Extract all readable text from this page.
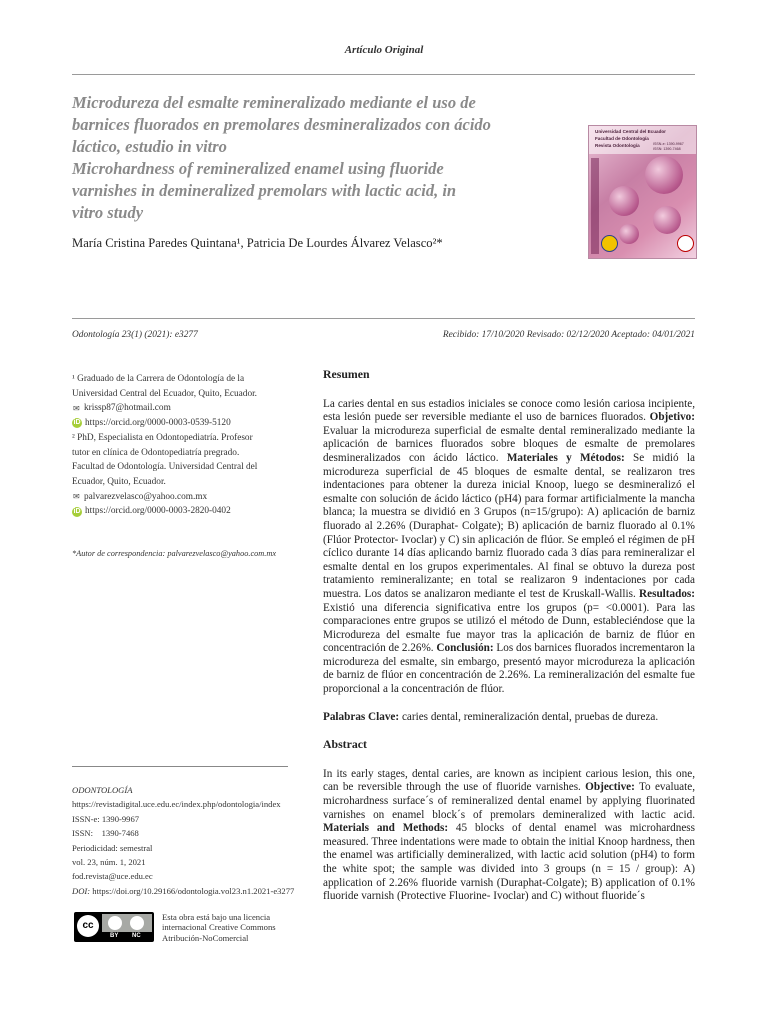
Artículo Original

Microdureza del esmalte remineralizado mediante el uso de

barnices fluorados en premolares desmineralizados con ácido

láctico, estudio in vitro

Microhardness of remineralized enamel using fluoride

varnishes in demineralized premolars with lactic acid, in

vitro study

María Cristina Paredes Quintana¹, Patricia De Lourdes Álvarez Velasco²*
Universidad Central del Ecuador
Facultad de Odontología
Revista Odontología	ISSN-e: 1390-9967
ISSN: 1390-7468
Odontología 23(1) (2021): e3277	Recibido: 17/10/2020 Revisado: 02/12/2020 Aceptado: 04/01/2021
¹ Graduado de la Carrera de Odontología de la
Universidad Central del Ecuador, Quito, Ecuador.
✉ krissp87@hotmail.com
iD https://orcid.org/0000-0003-0539-5120
² PhD, Especialista en Odontopediatría. Profesor
tutor en clínica de Odontopediatría pregrado.
Facultad de Odontología. Universidad Central del
Ecuador, Quito, Ecuador.
✉ palvarezvelasco@yahoo.com.mx
iD https://orcid.org/0000-0003-2820-0402
*Autor de correspondencia: palvarezvelasco@yahoo.com.mx
ODONTOLOGÍA
https://revistadigital.uce.edu.ec/index.php/odontologia/index
ISSN-e: 1390-9967
ISSN:    1390-7468
Periodicidad: semestral
vol. 23, núm. 1, 2021
fod.revista@uce.edu.ec
DOI: https://doi.org/10.29166/odontologia.vol23.n1.2021-e3277
cc
BY NC
Esta obra está bajo una licencia internacional Creative Commons Atribución-NoComercial
Resumen

La caries dental en sus estadios iniciales se conoce como lesión cariosa incipiente, esta lesión puede ser reversible mediante el uso de barnices fluorados. Objetivo: Evaluar la microdureza superficial de esmalte dental remineralizado mediante la aplicación de barnices fluorados sobre bloques de esmalte de premolares desmineralizados con ácido láctico. Materiales y Métodos: Se midió la microdureza superficial de 45 bloques de esmalte dental, se realizaron tres indentaciones para obtener la dureza inicial Knoop, luego se desmineralizó el esmalte con solución de ácido láctico (pH4) para formar artificialmente la mancha blanca; la muestra se dividió en 3 Grupos (n=15/grupo): A) aplicación de barniz fluorado al 2.26% (Duraphat- Colgate); B) aplicación de barniz fluorado al 0.1% (Flúor Protector- Ivoclar) y C) sin aplicación de flúor. Se empleó el régimen de pH cíclico durante 14 días aplicando barniz fluorado cada 3 días para remineralizar el esmalte dental en los grupos experimentales. Al final se obtuvo la dureza post tratamiento remineralizante; en total se realizaron 9 indentaciones por cada muestra. Los datos se analizaron mediante el test de Kruskall-Wallis. Resultados: Existió una diferencia significativa entre los grupos (p= <0.0001). Para las comparaciones entre grupos se utilizó el método de Dunn, estableciéndose que la Microdureza del esmalte fue mayor tras la aplicación de barniz de flúor en concentración de 2.26%. Conclusión: Los dos barnices fluorados incrementaron la microdureza del esmalte, sin embargo, presentó mayor microdureza la aplicación de barniz de flúor en concentración de 2.26%. La remineralización del esmalte fue proporcional a la concentración de flúor.

Palabras Clave: caries dental, remineralización dental, pruebas de dureza.

Abstract

In its early stages, dental caries, are known as incipient carious lesion, this one, can be reversible through the use of fluoride varnishes. Objective: To evaluate, microhardness surface´s of remineralized dental enamel by applying fluorinated varnishes on enamel block´s of premolars demineralized with lactic acid. Materials and Methods: 45 blocks of dental enamel was microhardness measured. Three indentations were made to obtain the initial Knoop hardness, then the enamel was artificially demineralized, with lactic acid solution (pH4) to form the white spot; the sample was divided into 3 groups (n = 15 / group): A) application of 2.26% fluoride varnish (Duraphat-Colgate); B) application of 0.1% fluoride varnish (Protective Fluorine- Ivoclar) and C) without fluoride´s
